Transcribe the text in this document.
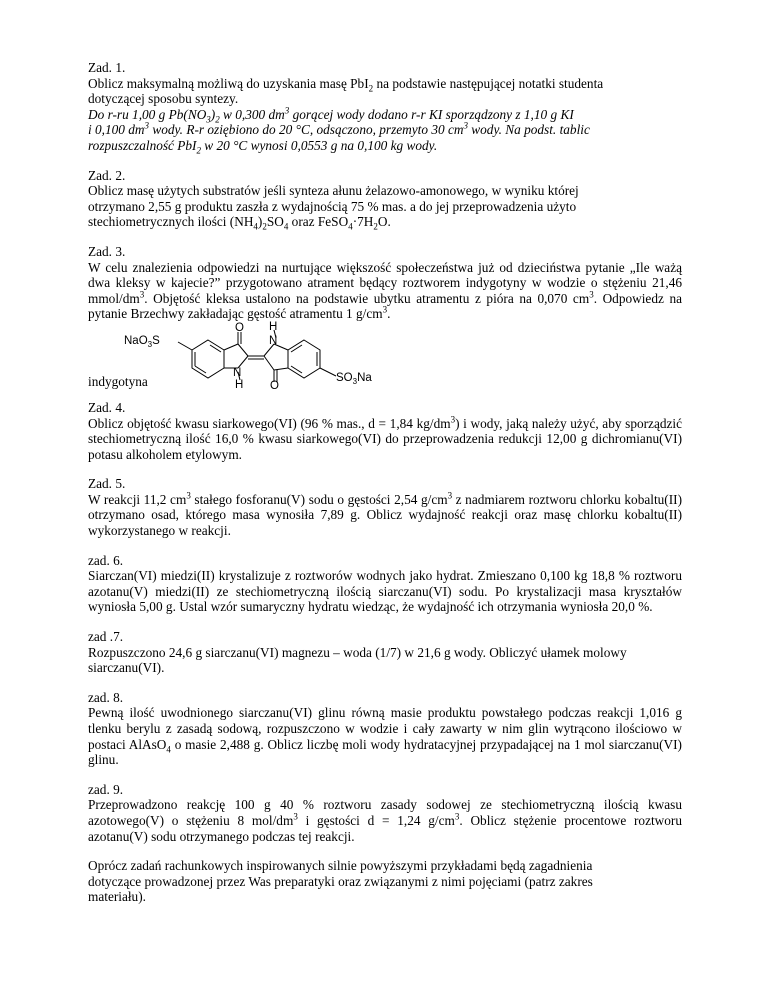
Zad. 1.

Oblicz maksymalną możliwą do uzyskania masę PbI$_2$ na podstawie następującej notatki studenta

dotyczącej sposobu syntezy.

Do r-ru 1,00 g $Pb(NO_3)_2$ w 0,300 $dm^3$ gorącej wody dodano r-r KI sporządzony z 1,10 g KI

i 0,100 $dm^3$ wody. R-r oziębiono do 20 °C, odsączono, przemyto 30 $cm^3$ wody. Na podst. tablic

rozpuszczalność PbI$_2$ w 20 °C wynosi 0,0553 g na 0,100 kg wody.

Zad. 2.

Oblicz masę użytych substratów jeśli synteza ałunu żelazowo-amonowego, w wyniku której

otrzymano 2,55 g produktu zaszła z wydajnością 75 % mas. a do jej przeprowadzenia użyto

stechiometrycznych ilości $(NH_4)_2SO_4$ oraz $FeSO_4\cdot 7H_2O$.

Zad. 3.

W celu znalezienia odpowiedzi na nurtujące większość społeczeństwa już od dzieciństwa pytanie „Ile ważą dwa kleksy w kajecie?” przygotowano atrament będący roztworem indygotyny w wodzie o stężeniu 21,46 mmol/$dm^3$. Objętość kleksa ustalono na podstawie ubytku atramentu z pióra na 0,070 $cm^3$. Odpowiedz na pytanie Brzechwy zakładając gęstość atramentu 1 $g/cm^3$.

NaO$_3$S
O H
N
N
H O
$SO_3Na$
indygotyna

Zad. 4.

Oblicz objętość kwasu siarkowego(VI) (96 % mas., d = 1,84 $kg/dm^3$) i wody, jaką należy użyć, aby sporządzić stechiometryczną ilość 16,0 % kwasu siarkowego(VI) do przeprowadzenia redukcji 12,00 g dichromianu(VI) potasu alkoholem etylowym.

Zad. 5.

W reakcji 11,2 $cm^3$ stałego fosforanu(V) sodu o gęstości 2,54 $g/cm^3$ z nadmiarem roztworu chlorku kobaltu(II) otrzymano osad, którego masa wynosiła 7,89 g. Oblicz wydajność reakcji oraz masę chlorku kobaltu(II) wykorzystanego w reakcji.

zad. 6.

Siarczan(VI) miedzi(II) krystalizuje z roztworów wodnych jako hydrat. Zmieszano 0,100 kg 18,8 % roztworu azotanu(V) miedzi(II) ze stechiometryczną ilością siarczanu(VI) sodu. Po krystalizacji masa kryształów wyniosła 5,00 g. Ustal wzór sumaryczny hydratu wiedząc, że wydajność ich otrzymania wyniosła 20,0 %.

zad .7.

Rozpuszczono 24,6 g siarczanu(VI) magnezu – woda (1/7) w 21,6 g wody. Obliczyć ułamek molowy

siarczanu(VI).

zad. 8.

Pewną ilość uwodnionego siarczanu(VI) glinu równą masie produktu powstałego podczas reakcji 1,016 g tlenku berylu z zasadą sodową, rozpuszczono w wodzie i cały zawarty w nim glin wytrącono ilościowo w postaci AlAsO$_4$ o masie 2,488 g. Oblicz liczbę moli wody hydratacyjnej przypadającej na 1 mol siarczanu(VI) glinu.

zad. 9.

Przeprowadzono reakcję 100 g 40 % roztworu zasady sodowej ze stechiometryczną ilością kwasu azotowego(V) o stężeniu 8 mol/$dm^3$ i gęstości d = 1,24 $g/cm^3$. Oblicz stężenie procentowe roztworu azotanu(V) sodu otrzymanego podczas tej reakcji.

Oprócz zadań rachunkowych inspirowanych silnie powyższymi przykładami będą zagadnienia

dotyczące prowadzonej przez Was preparatyki oraz związanymi z nimi pojęciami (patrz zakres

materiału).
